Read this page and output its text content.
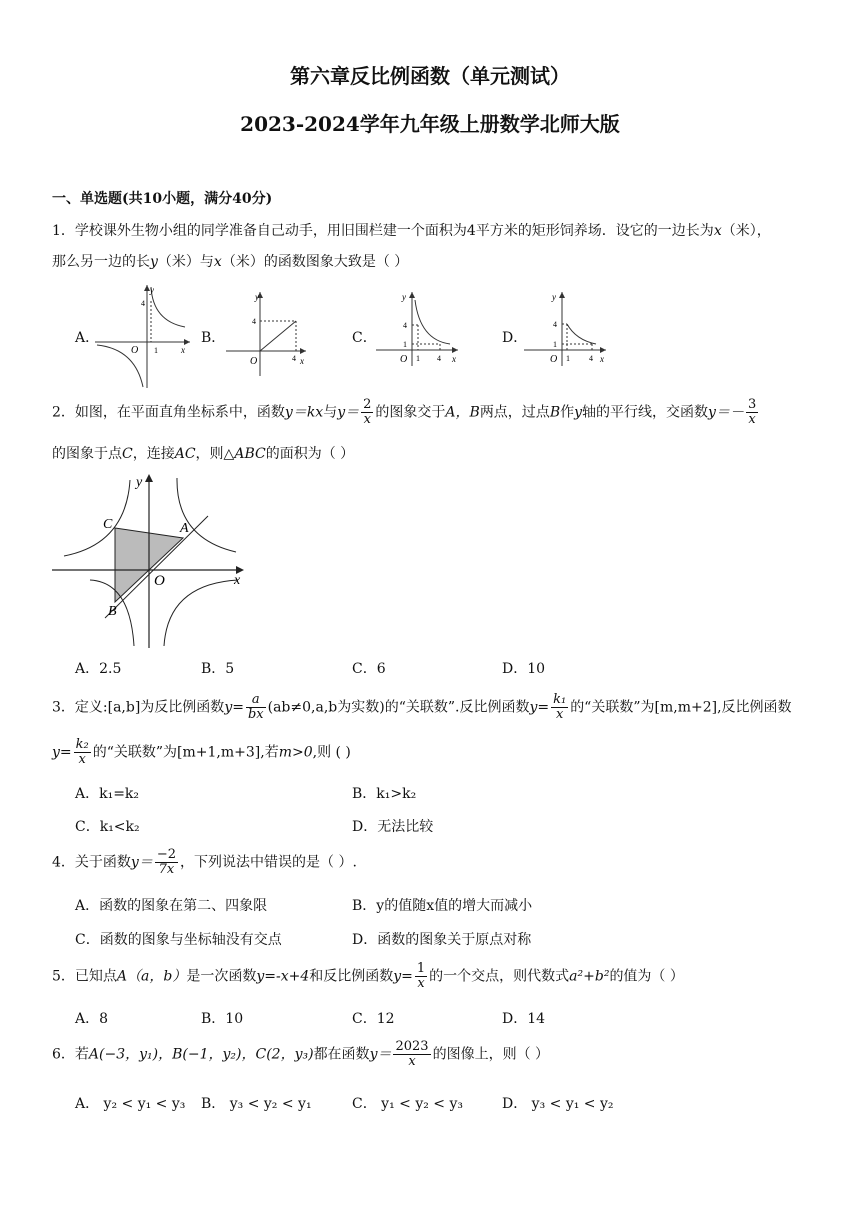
第六章反比例函数（单元测试）
2023-2024学年九年级上册数学北师大版
一、单选题(共10小题，满分40分)
1．学校课外生物小组的同学准备自己动手，用旧围栏建一个面积为4平方米的矩形饲养场．设它的一边长为x（米），
那么另一边的长y（米）与x（米）的函数图象大致是（ ）
A．	B．	C．	D．
4
1
O	x
y
4
4
O	x
y
4
1
1 4
O	x
y
4
1
1 4
O	x
y
2．如图，在平面直角坐标系中，函数y＝kx与$y= \frac{2}{x}$ 的图象交于A，B两点，过点B作y轴的平行线，交函数$y=- \frac{3}{x}$
的图象于点C，连接AC，则△ABC的面积为（ ）
O	x
y
A
B
C
A．2.5	B．5	C．6	D．10
3．定义:[a,b]为反比例函数$y= \frac{a}{bx} (ab\ne 0,a,b$为实数)的“关联数”.反比例函数$y= \frac{\text{k₁}}{x}$ 的“关联数”为[m,m+2],反比例函数
$y= \frac{\text{k₂}}{x}$ 的“关联数”为[m+1,m+3],若m>0,则 ( )
A．k₁=k₂	B．k₁>k₂
C．k₁<k₂	D．无法比较
4．关于函数$y= \frac{-2}{7x}$ ，下列说法中错误的是（ ）.
A．函数的图象在第二、四象限	B．y的值随x值的增大而减小
C．函数的图象与坐标轴没有交点	D．函数的图象关于原点对称
5．已知点A（a，b）是一次函数y=-x+4和反比例函数$y= \frac{1}{x}$ 的一个交点，则代数式a²+b²的值为（ ）
A．8	B．10	C．12	D．14
6．若A(−3，y₁)，B(−1，y₂)，C(2，y₃)都在函数$y= \frac{2023}{x}$ 的图像上，则（ ）
A． y₂ < y₁ < y₃ B． y₃ < y₂ < y₁	C． y₁ < y₂ < y₃	D． y₃ < y₁ < y₂
